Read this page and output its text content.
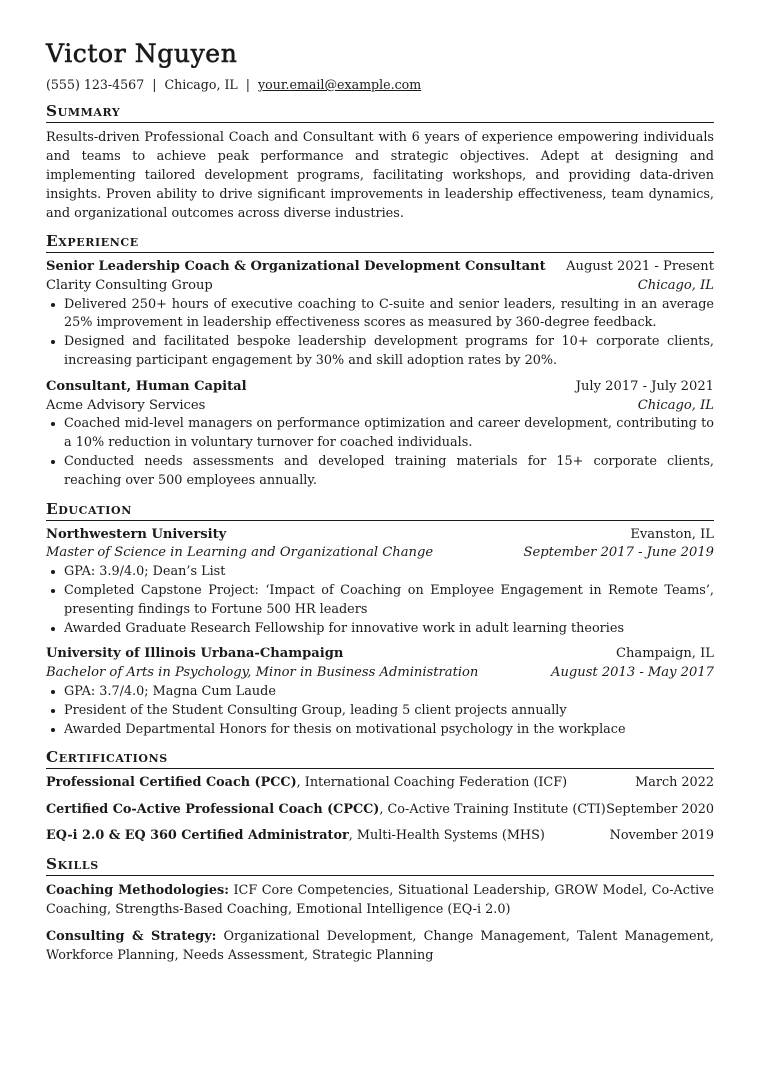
Victor Nguyen
(555) 123-4567 | Chicago, IL | your.email@example.com
Summary
Results-driven Professional Coach and Consultant with 6 years of experience empowering individuals and teams to achieve peak performance and strategic objectives. Adept at designing and implementing tailored development programs, facilitating workshops, and providing data-driven insights. Proven ability to drive significant improvements in leadership effectiveness, team dynamics, and organizational outcomes across diverse industries.
Experience
Senior Leadership Coach & Organizational Development Consultant August 2021 - Present
Clarity Consulting Group	Chicago, IL
Delivered 250+ hours of executive coaching to C-suite and senior leaders, resulting in an average 25% improvement in leadership effectiveness scores as measured by 360-degree feedback.
Designed and facilitated bespoke leadership development programs for 10+ corporate clients, increasing participant engagement by 30% and skill adoption rates by 20%.
Consultant, Human Capital	July 2017 - July 2021
Acme Advisory Services	Chicago, IL
Coached mid-level managers on performance optimization and career development, contributing to a 10% reduction in voluntary turnover for coached individuals.
Conducted needs assessments and developed training materials for 15+ corporate clients, reaching over 500 employees annually.
Education
Northwestern University	Evanston, IL
Master of Science in Learning and Organizational Change	September 2017 - June 2019
GPA: 3.9/4.0; Dean’s List
Completed Capstone Project: ‘Impact of Coaching on Employee Engagement in Remote Teams’, presenting findings to Fortune 500 HR leaders
Awarded Graduate Research Fellowship for innovative work in adult learning theories
University of Illinois Urbana-Champaign	Champaign, IL
Bachelor of Arts in Psychology, Minor in Business Administration	August 2013 - May 2017
GPA: 3.7/4.0; Magna Cum Laude
President of the Student Consulting Group, leading 5 client projects annually
Awarded Departmental Honors for thesis on motivational psychology in the workplace
Certifications
Professional Certified Coach (PCC), International Coaching Federation (ICF)	March 2022
Certified Co-Active Professional Coach (CPCC), Co-Active Training Institute (CTI) September 2020
EQ-i 2.0 & EQ 360 Certified Administrator, Multi-Health Systems (MHS)	November 2019
Skills
Coaching Methodologies: ICF Core Competencies, Situational Leadership, GROW Model, Co-Active Coaching, Strengths-Based Coaching, Emotional Intelligence (EQ-i 2.0)
Consulting & Strategy: Organizational Development, Change Management, Talent Management, Workforce Planning, Needs Assessment, Strategic Planning
